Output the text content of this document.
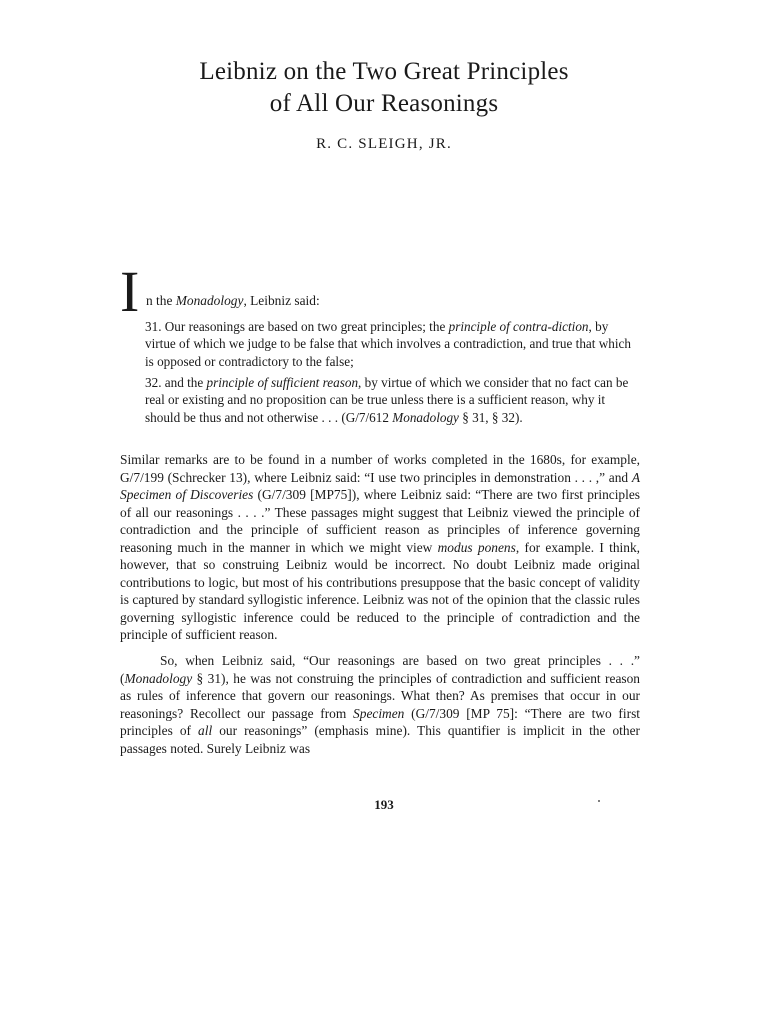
Leibniz on the Two Great Principles
of All Our Reasonings
R. C. SLEIGH, JR.
I n the Monadology, Leibniz said:
31. Our reasonings are based on two great principles; the principle of contra-diction, by virtue of which we judge to be false that which involves a contradiction, and true that which is opposed or contradictory to the false;
32. and the principle of sufficient reason, by virtue of which we consider that no fact can be real or existing and no proposition can be true unless there is a sufficient reason, why it should be thus and not otherwise . . . (G/7/612 Monadology § 31, § 32).
Similar remarks are to be found in a number of works completed in the 1680s, for example, G/7/199 (Schrecker 13), where Leibniz said: “I use two principles in demonstration . . . ,” and A Specimen of Discoveries (G/7/309 [MP75]), where Leibniz said: “There are two first principles of all our reasonings . . . .” These passages might suggest that Leibniz viewed the principle of contradiction and the principle of sufficient reason as principles of inference governing reasoning much in the manner in which we might view modus ponens, for example. I think, however, that so construing Leibniz would be incorrect. No doubt Leibniz made original contributions to logic, but most of his contributions presuppose that the basic concept of validity is captured by standard syllogistic inference. Leibniz was not of the opinion that the classic rules governing syllogistic inference could be reduced to the principle of contradiction and the principle of sufficient reason.
So, when Leibniz said, “Our reasonings are based on two great principles . . .” (Monadology § 31), he was not construing the principles of contradiction and sufficient reason as rules of inference that govern our reasonings. What then? As premises that occur in our reasonings? Recollect our passage from Specimen (G/7/309 [MP 75]: “There are two first principles of all our reasonings” (emphasis mine). This quantifier is implicit in the other passages noted. Surely Leibniz was
193
